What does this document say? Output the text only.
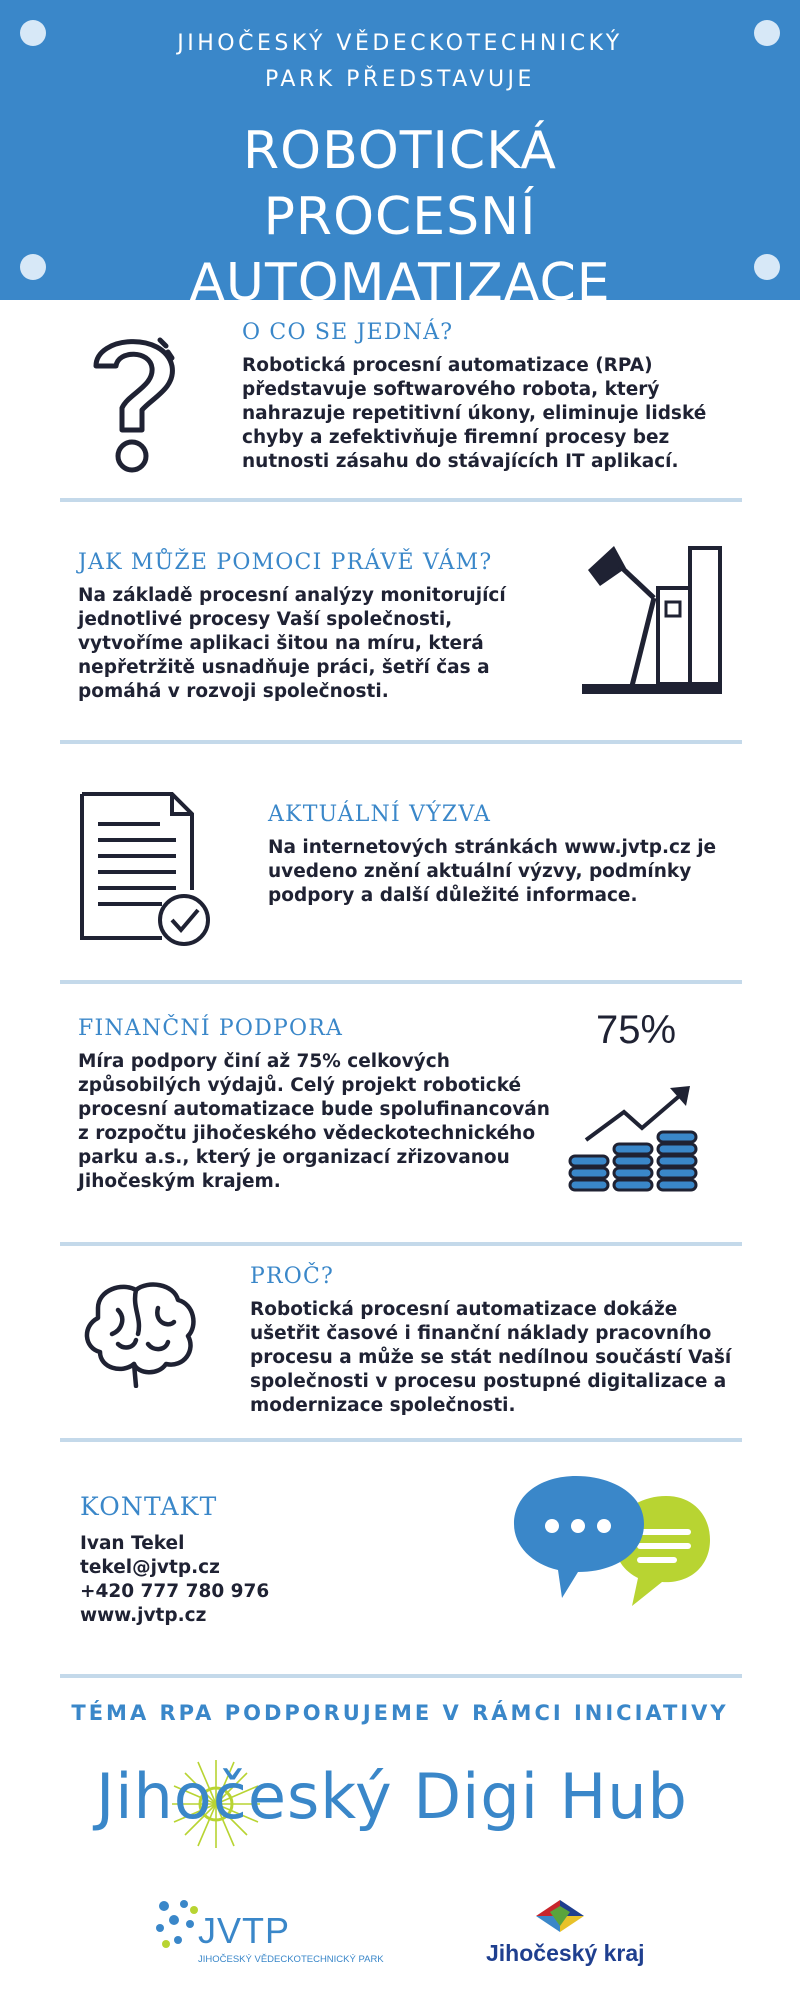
JIHOČESKÝ VĚDECKOTECHNICKÝ PARK PŘEDSTAVUJE
ROBOTICKÁ PROCESNÍ AUTOMATIZACE
O CO SE JEDNÁ?
Robotická procesní automatizace (RPA) představuje softwarového robota, který nahrazuje repetitivní úkony, eliminuje lidské chyby a zefektivňuje firemní procesy bez nutnosti zásahu do stávajících IT aplikací.
JAK MŮŽE POMOCI PRÁVĚ VÁM?
Na základě procesní analýzy monitorující jednotlivé procesy Vaší společnosti, vytvoříme aplikaci šitou na míru, která nepřetržitě usnadňuje práci, šetří čas a pomáhá v rozvoji společnosti.
AKTUÁLNÍ VÝZVA
Na internetových stránkách www.jvtp.cz je uvedeno znění aktuální výzvy, podmínky podpory a další důležité informace.
FINANČNÍ PODPORA
Míra podpory činí až 75% celkových způsobilých výdajů. Celý projekt robotické procesní automatizace bude spolufinancován z rozpočtu jihočeského vědeckotechnického parku a.s., který je organizací zřizovanou Jihočeským krajem.
75%
PROČ?
Robotická procesní automatizace dokáže ušetřit časové i finanční náklady pracovního procesu a může se stát nedílnou součástí Vaší společnosti v procesu postupné digitalizace a modernizace společnosti.
KONTAKT
Ivan Tekel
tekel@jvtp.cz
+420 777 780 976
www.jvtp.cz
TÉMA RPA PODPORUJEME V RÁMCI INICIATIVY
Jihočeský Digi Hub
JVTP
JIHOČESKÝ VĚDECKOTECHNICKÝ PARK	Jihočeský kraj
